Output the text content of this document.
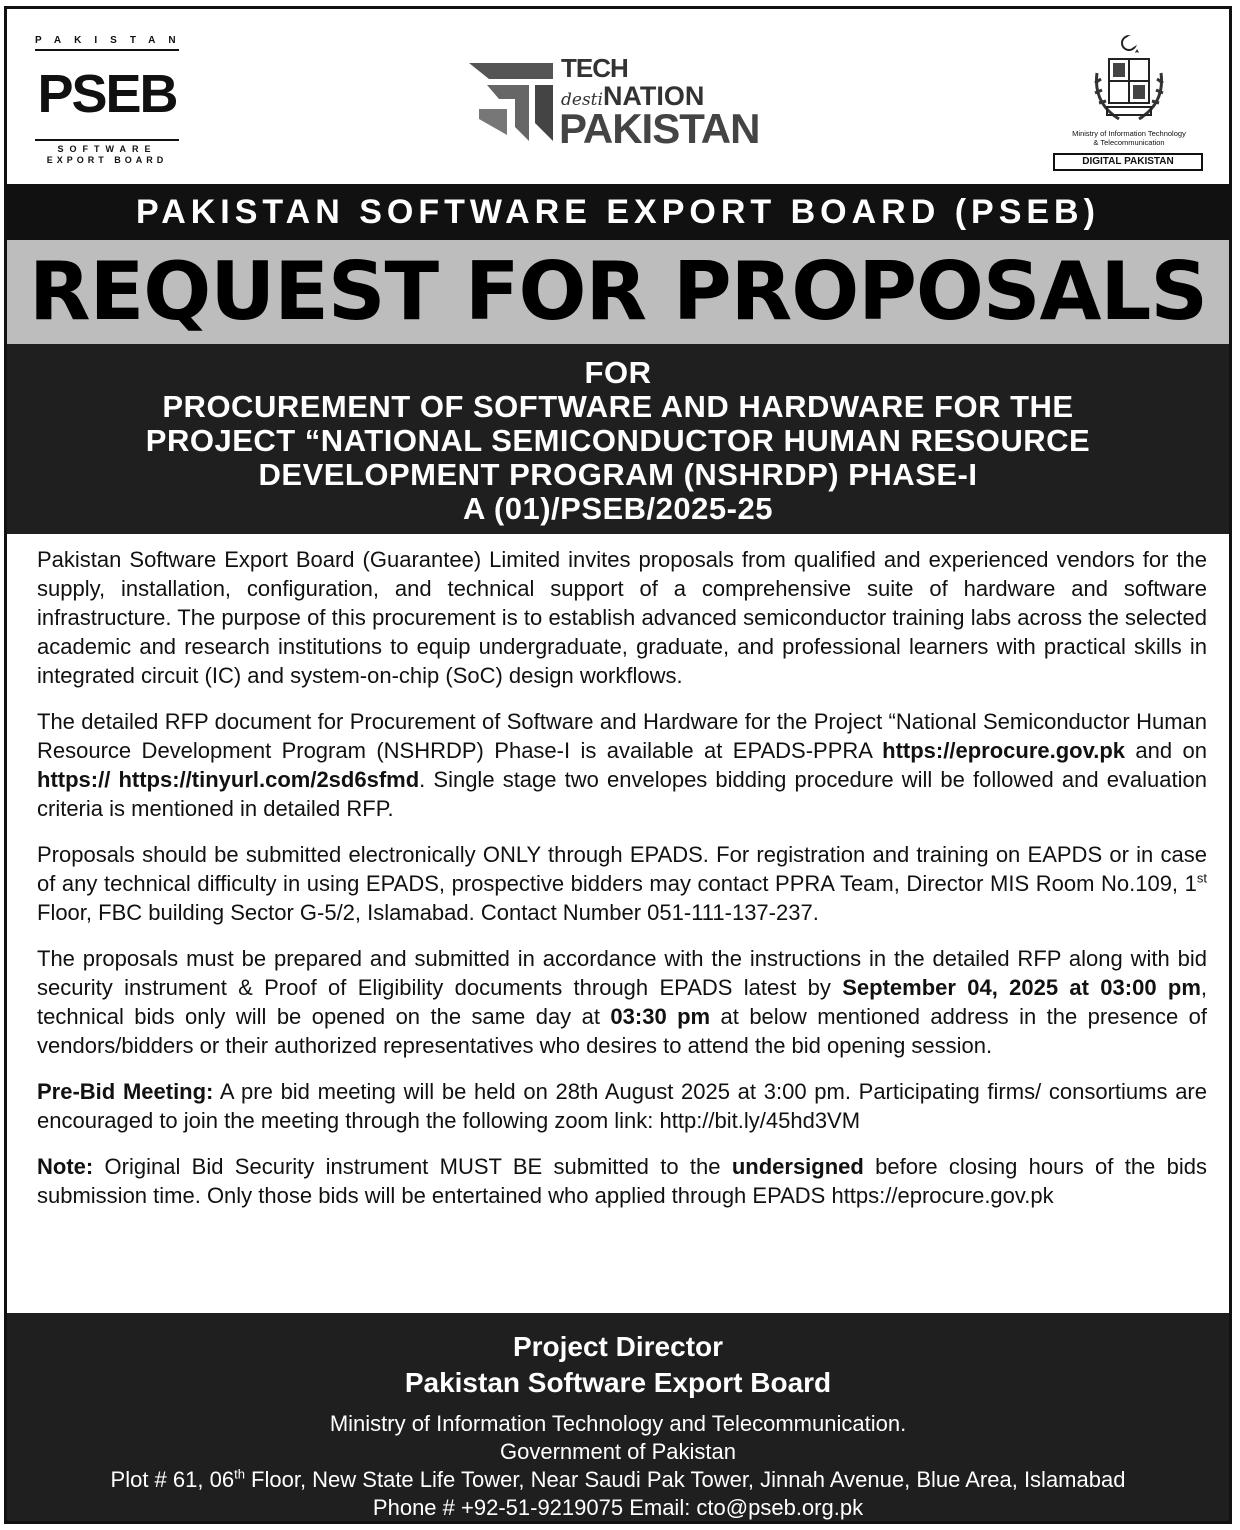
PAKISTAN
PSEB
SOFTWARE
EXPORT BOARD
TECH
destiNATION
PAKISTAN	Ministry of Information Technology
& Telecommunication
DIGITAL PAKISTAN
PAKISTAN SOFTWARE EXPORT BOARD (PSEB)
REQUEST FOR PROPOSALS
FOR
PROCUREMENT OF SOFTWARE AND HARDWARE FOR THE
PROJECT “NATIONAL SEMICONDUCTOR HUMAN RESOURCE
DEVELOPMENT PROGRAM (NSHRDP) PHASE-I
A (01)/PSEB/2025-25

Pakistan Software Export Board (Guarantee) Limited invites proposals from qualified and experienced vendors for the supply, installation, configuration, and technical support of a comprehensive suite of hardware and software infrastructure. The purpose of this procurement is to establish advanced semiconductor training labs across the selected academic and research institutions to equip undergraduate, graduate, and professional learners with practical skills in integrated circuit (IC) and system-on-chip (SoC) design workflows.

The detailed RFP document for Procurement of Software and Hardware for the Project “National Semiconductor Human Resource Development Program (NSHRDP) Phase-I is available at EPADS-PPRA https://eprocure.gov.pk and on https:// https://tinyurl.com/2sd6sfmd. Single stage two envelopes bidding procedure will be followed and evaluation criteria is mentioned in detailed RFP.

Proposals should be submitted electronically ONLY through EPADS. For registration and training on EAPDS or in case of any technical difficulty in using EPADS, prospective bidders may contact PPRA Team, Director MIS Room No.109, 1st Floor, FBC building Sector G-5/2, Islamabad. Contact Number 051-111-137-237.

The proposals must be prepared and submitted in accordance with the instructions in the detailed RFP along with bid security instrument & Proof of Eligibility documents through EPADS latest by September 04, 2025 at 03:00 pm, technical bids only will be opened on the same day at 03:30 pm at below mentioned address in the presence of vendors/bidders or their authorized representatives who desires to attend the bid opening session.

Pre-Bid Meeting: A pre bid meeting will be held on 28th August 2025 at 3:00 pm. Participating firms/ consortiums are encouraged to join the meeting through the following zoom link: http://bit.ly/45hd3VM

Note: Original Bid Security instrument MUST BE submitted to the undersigned before closing hours of the bids submission time. Only those bids will be entertained who applied through EPADS https://eprocure.gov.pk

Project Director
Pakistan Software Export Board
Ministry of Information Technology and Telecommunication.
Government of Pakistan
Plot # 61, 06th Floor, New State Life Tower, Near Saudi Pak Tower, Jinnah Avenue, Blue Area, Islamabad
Phone # +92-51-9219075 Email: cto@pseb.org.pk
